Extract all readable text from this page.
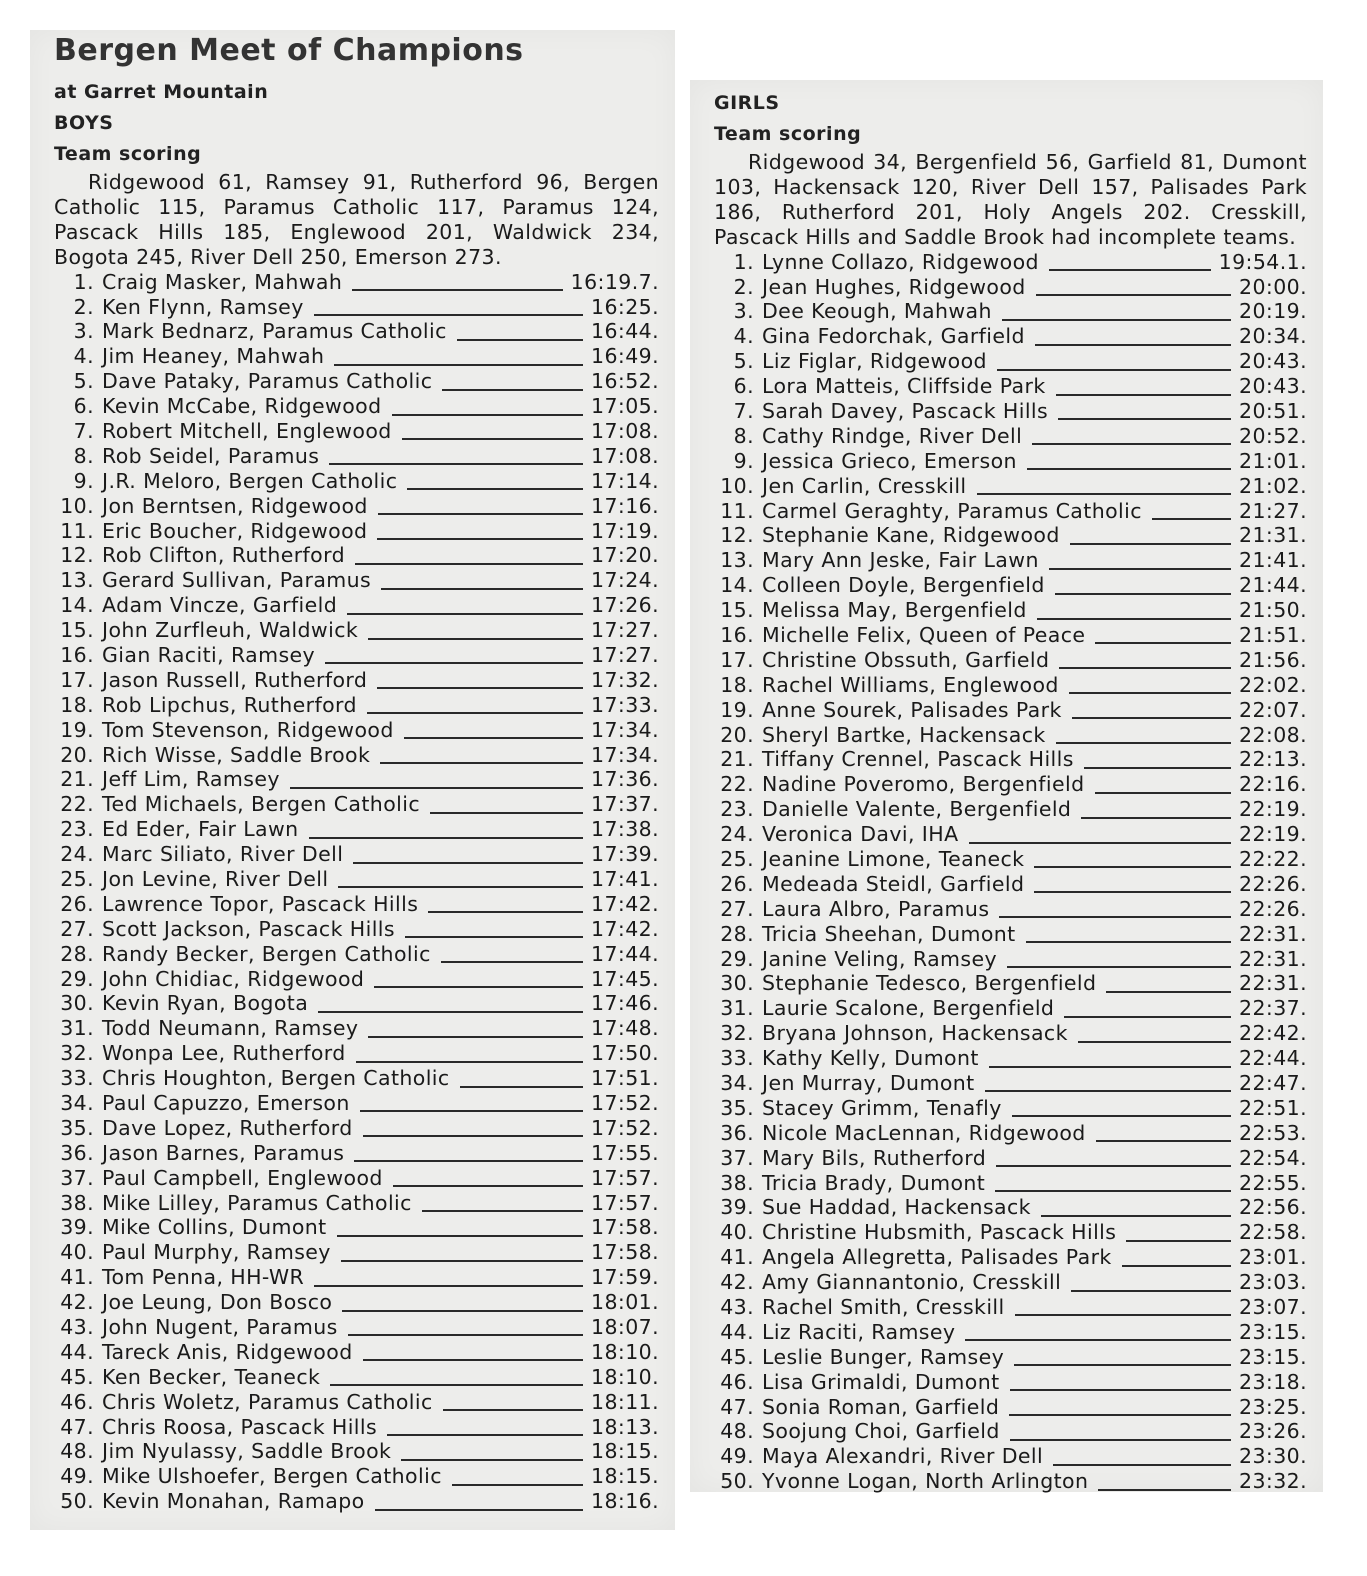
Bergen Meet of Champions
at Garret Mountain
BOYS
Team scoring

Ridgewood 61, Ramsey 91, Rutherford 96, Bergen Catholic 115, Paramus Catholic 117, Paramus 124, Pascack Hills 185, Englewood 201, Waldwick 234, Bogota 245, River Dell 250, Emerson 273.

1 . Craig Masker, Mahwah	16:19.7.
2 . Ken Flynn, Ramsey	16:25.
3 . Mark Bednarz, Paramus Catholic	16:44.
4 . Jim Heaney, Mahwah	16:49.
5 . Dave Pataky, Paramus Catholic	16:52.
6 . Kevin McCabe, Ridgewood	17:05.
7 . Robert Mitchell, Englewood	17:08.
8 . Rob Seidel, Paramus	17:08.
9 . J.R. Meloro, Bergen Catholic	17:14.
10 . Jon Berntsen, Ridgewood	17:16.
11 . Eric Boucher, Ridgewood	17:19.
12 . Rob Clifton, Rutherford	17:20.
13 . Gerard Sullivan, Paramus	17:24.
14 . Adam Vincze, Garfield	17:26.
15 . John Zurfleuh, Waldwick	17:27.
16 . Gian Raciti, Ramsey	17:27.
17 . Jason Russell, Rutherford	17:32.
18 . Rob Lipchus, Rutherford	17:33.
19 . Tom Stevenson, Ridgewood	17:34.
20 . Rich Wisse, Saddle Brook	17:34.
21 . Jeff Lim, Ramsey	17:36.
22 . Ted Michaels, Bergen Catholic	17:37.
23 . Ed Eder, Fair Lawn	17:38.
24 . Marc Siliato, River Dell	17:39.
25 . Jon Levine, River Dell	17:41.
26 . Lawrence Topor, Pascack Hills	17:42.
27 . Scott Jackson, Pascack Hills	17:42.
28 . Randy Becker, Bergen Catholic	17:44.
29 . John Chidiac, Ridgewood	17:45.
30 . Kevin Ryan, Bogota	17:46.
31 . Todd Neumann, Ramsey	17:48.
32 . Wonpa Lee, Rutherford	17:50.
33 . Chris Houghton, Bergen Catholic	17:51.
34 . Paul Capuzzo, Emerson	17:52.
35 . Dave Lopez, Rutherford	17:52.
36 . Jason Barnes, Paramus	17:55.
37 . Paul Campbell, Englewood	17:57.
38 . Mike Lilley, Paramus Catholic	17:57.
39 . Mike Collins, Dumont	17:58.
40 . Paul Murphy, Ramsey	17:58.
41 . Tom Penna, HH-WR	17:59.
42 . Joe Leung, Don Bosco	18:01.
43 . John Nugent, Paramus	18:07.
44 . Tareck Anis, Ridgewood	18:10.
45 . Ken Becker, Teaneck	18:10.
46 . Chris Woletz, Paramus Catholic	18:11.
47 . Chris Roosa, Pascack Hills	18:13.
48 . Jim Nyulassy, Saddle Brook	18:15.
49 . Mike Ulshoefer, Bergen Catholic	18:15.
50 . Kevin Monahan, Ramapo	18:16.
GIRLS
Team scoring

Ridgewood 34, Bergenfield 56, Garfield 81, Dumont 103, Hackensack 120, River Dell 157, Palisades Park 186, Rutherford 201, Holy Angels 202. Cresskill, Pascack Hills and Saddle Brook had incomplete teams.

1 . Lynne Collazo, Ridgewood	19:54.1.
2 . Jean Hughes, Ridgewood	20:00.
3 . Dee Keough, Mahwah	20:19.
4 . Gina Fedorchak, Garfield	20:34.
5 . Liz Figlar, Ridgewood	20:43.
6 . Lora Matteis, Cliffside Park	20:43.
7 . Sarah Davey, Pascack Hills	20:51.
8 . Cathy Rindge, River Dell	20:52.
9 . Jessica Grieco, Emerson	21:01.
10 . Jen Carlin, Cresskill	21:02.
11 . Carmel Geraghty, Paramus Catholic	21:27.
12 . Stephanie Kane, Ridgewood	21:31.
13 . Mary Ann Jeske, Fair Lawn	21:41.
14 . Colleen Doyle, Bergenfield	21:44.
15 . Melissa May, Bergenfield	21:50.
16 . Michelle Felix, Queen of Peace	21:51.
17 . Christine Obssuth, Garfield	21:56.
18 . Rachel Williams, Englewood	22:02.
19 . Anne Sourek, Palisades Park	22:07.
20 . Sheryl Bartke, Hackensack	22:08.
21 . Tiffany Crennel, Pascack Hills	22:13.
22 . Nadine Poveromo, Bergenfield	22:16.
23 . Danielle Valente, Bergenfield	22:19.
24 . Veronica Davi, IHA	22:19.
25 . Jeanine Limone, Teaneck	22:22.
26 . Medeada Steidl, Garfield	22:26.
27 . Laura Albro, Paramus	22:26.
28 . Tricia Sheehan, Dumont	22:31.
29 . Janine Veling, Ramsey	22:31.
30 . Stephanie Tedesco, Bergenfield	22:31.
31 . Laurie Scalone, Bergenfield	22:37.
32 . Bryana Johnson, Hackensack	22:42.
33 . Kathy Kelly, Dumont	22:44.
34 . Jen Murray, Dumont	22:47.
35 . Stacey Grimm, Tenafly	22:51.
36 . Nicole MacLennan, Ridgewood	22:53.
37 . Mary Bils, Rutherford	22:54.
38 . Tricia Brady, Dumont	22:55.
39 . Sue Haddad, Hackensack	22:56.
40 . Christine Hubsmith, Pascack Hills	22:58.
41 . Angela Allegretta, Palisades Park	23:01.
42 . Amy Giannantonio, Cresskill	23:03.
43 . Rachel Smith, Cresskill	23:07.
44 . Liz Raciti, Ramsey	23:15.
45 . Leslie Bunger, Ramsey	23:15.
46 . Lisa Grimaldi, Dumont	23:18.
47 . Sonia Roman, Garfield	23:25.
48 . Soojung Choi, Garfield	23:26.
49 . Maya Alexandri, River Dell	23:30.
50 . Yvonne Logan, North Arlington	23:32.
